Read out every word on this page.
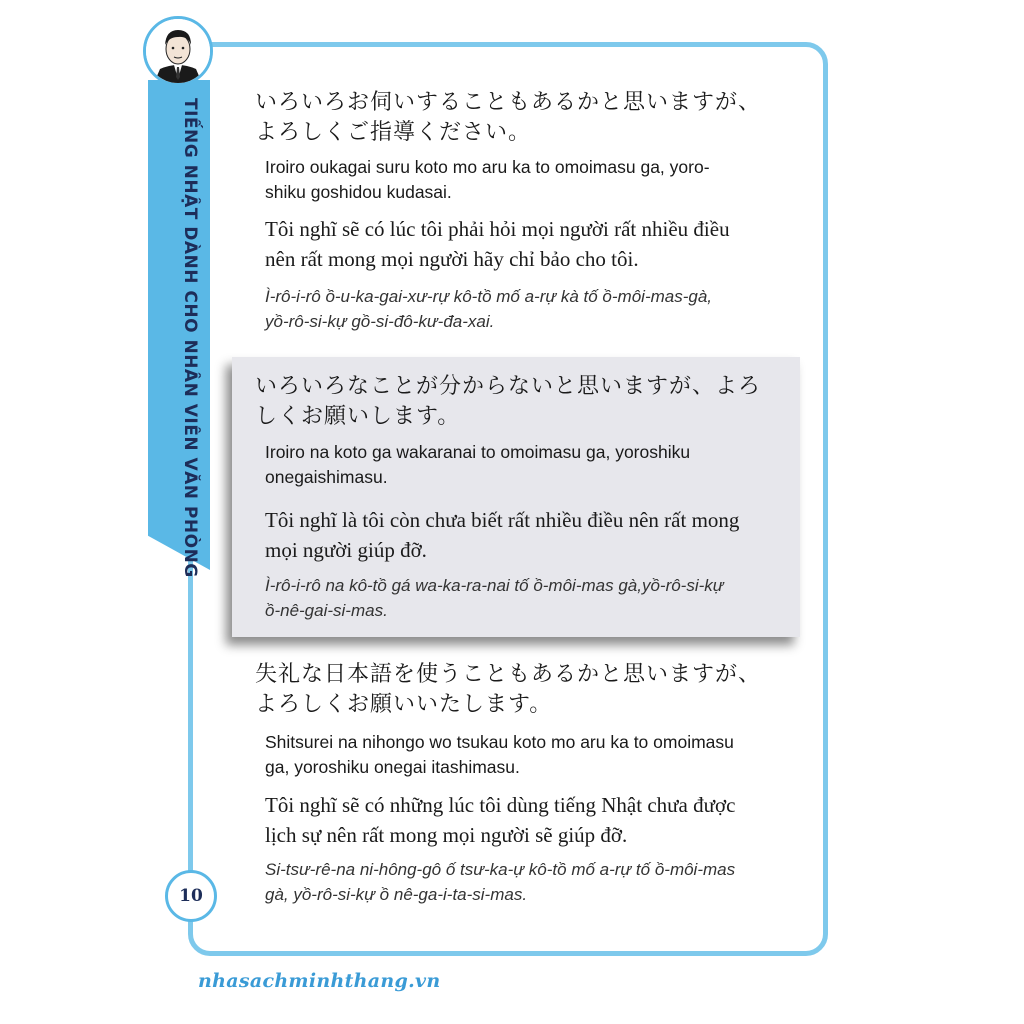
TIẾNG NHẬT DÀNH CHO NHÂN VIÊN VĂN PHÒNG
10

いろいろお伺いすることもあるかと思いますが、

よろしくご指導ください。

Iroiro oukagai suru koto mo aru ka to omoimasu ga, yoro-

shiku goshidou kudasai.

Tôi nghĩ sẽ có lúc tôi phải hỏi mọi người rất nhiều điều

nên rất mong mọi người hãy chỉ bảo cho tôi.

Ì-rô-i-rô ồ-u-ka-gai-xư-rự kô-tồ mố a-rự kà tố ồ-môi-mas-gà,

yồ-rô-si-kự gồ-si-đô-kư-đa-xai.

いろいろなことが分からないと思いますが、よろ

しくお願いします。

Iroiro na koto ga wakaranai to omoimasu ga, yoroshiku

onegaishimasu.

Tôi nghĩ là tôi còn chưa biết rất nhiều điều nên rất mong

mọi người giúp đỡ.

Ì-rô-i-rô na kô-tồ gá wa-ka-ra-nai tố ồ-môi-mas gà,yồ-rô-si-kự

ồ-nê-gai-si-mas.

失礼な日本語を使うこともあるかと思いますが、

よろしくお願いいたします。

Shitsurei na nihongo wo tsukau koto mo aru ka to omoimasu

ga, yoroshiku onegai itashimasu.

Tôi nghĩ sẽ có những lúc tôi dùng tiếng Nhật chưa được

lịch sự nên rất mong mọi người sẽ giúp đỡ.

Si-tsư-rê-na ni-hông-gô ố tsư-ka-ự kô-tồ mố a-rự tố ồ-môi-mas

gà, yồ-rô-si-kự ồ nê-ga-i-ta-si-mas.

nhasachminhthang.vn
